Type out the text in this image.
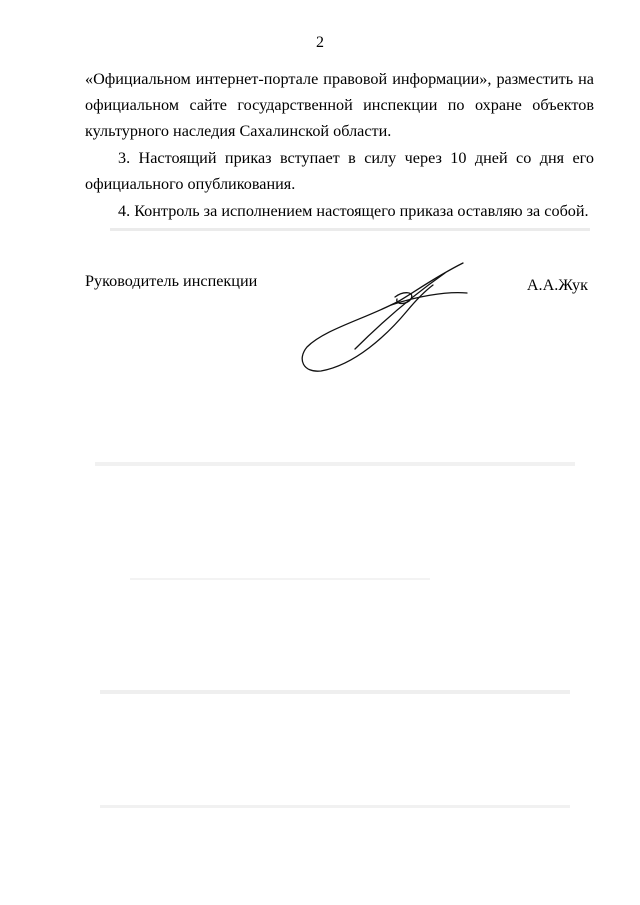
2
«Официальном интернет-портале правовой информации», разместить на
официальном сайте государственной инспекции по охране объектов
культурного наследия Сахалинской области.
3. Настоящий приказ вступает в силу через 10 дней со дня его
официального опубликования.
4. Контроль за исполнением настоящего приказа оставляю за собой.
Руководитель инспекции	А.А.Жук
